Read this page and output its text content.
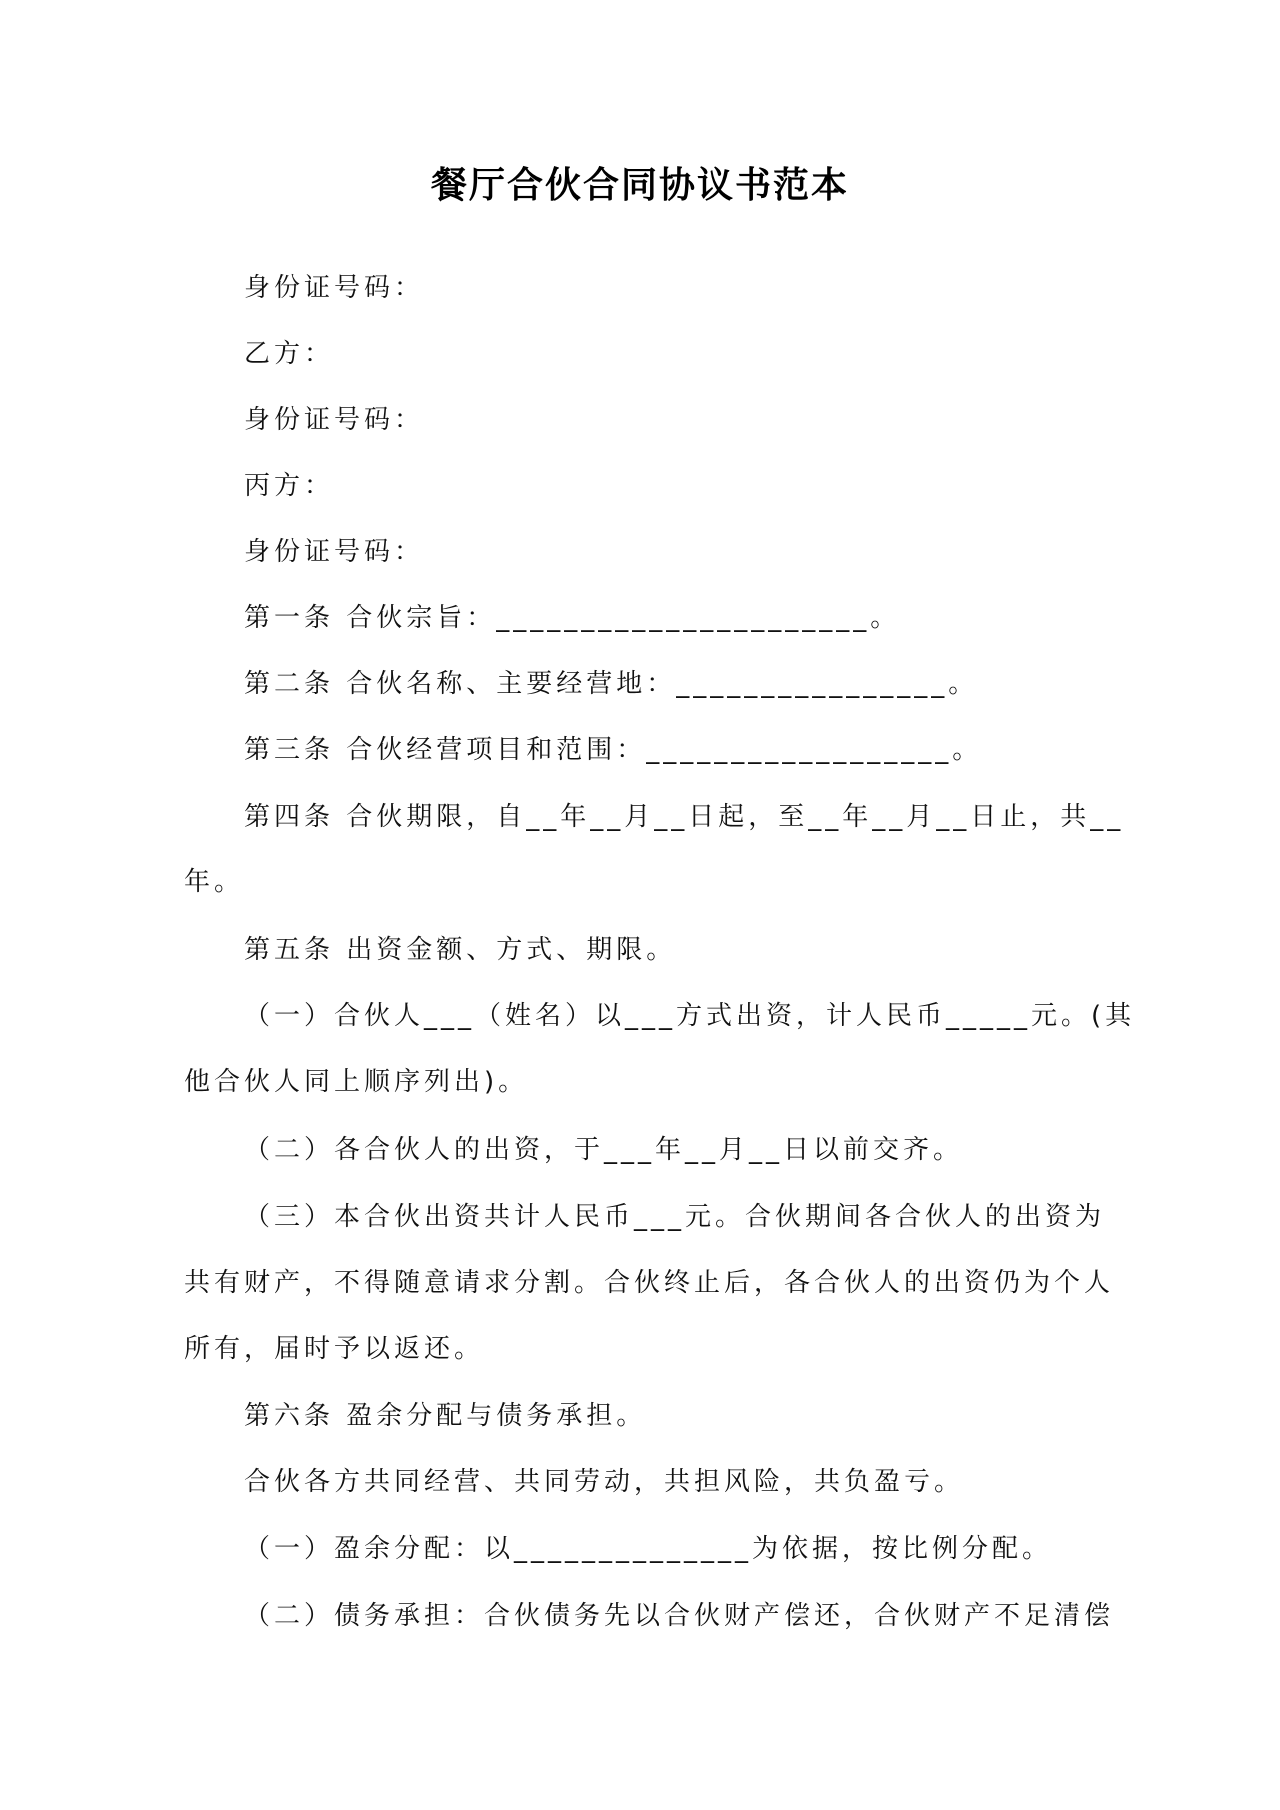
餐厅合伙合同协议书范本
身份证号码：
乙方：
身份证号码：
丙方：
身份证号码：
第一条 合伙宗旨：______________________。
第二条 合伙名称、主要经营地：________________。
第三条 合伙经营项目和范围：__________________。
第四条 合伙期限，自__年__月__日起，至__年__月__日止，共__
年。
第五条 出资金额、方式、期限。
（一）合伙人___（姓名）以___方式出资，计人民币_____元。(其
他合伙人同上顺序列出)。
（二）各合伙人的出资，于___年__月__日以前交齐。
（三）本合伙出资共计人民币___元。合伙期间各合伙人的出资为
共有财产，不得随意请求分割。合伙终止后，各合伙人的出资仍为个人
所有，届时予以返还。
第六条 盈余分配与债务承担。
合伙各方共同经营、共同劳动，共担风险，共负盈亏。
（一）盈余分配：以______________为依据，按比例分配。
（二）债务承担：合伙债务先以合伙财产偿还，合伙财产不足清偿
